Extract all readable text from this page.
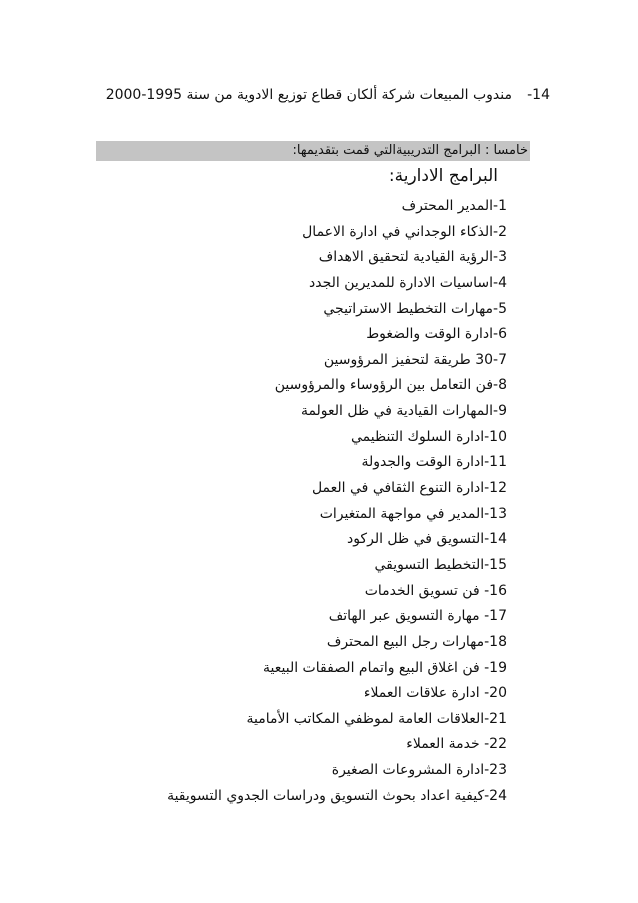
-14
مندوب المبيعات شركة ألكان قطاع توزيع الادوية من سنة 1995-2000
خامسا : البرامج التدريبيةالتي قمت بتقديمها:
البرامج الادارية:
1-المدير المحترف
2-الذكاء الوجداني في ادارة الاعمال
3-الرؤية القيادية لتحقيق الاهداف
4-اساسيات الادارة للمديرين الجدد
5-مهارات التخطيط الاستراتيجي
6-ادارة الوقت والضغوط
30-7 طريقة لتحفيز المرؤوسين
8-فن التعامل بين الرؤوساء والمرؤوسين
9-المهارات القيادية في ظل العولمة
10-ادارة السلوك التنظيمي
11-ادارة الوقت والجدولة
12-ادارة التنوع الثقافي في العمل
13-المدير في مواجهة المتغيرات
14-التسويق في ظل الركود
15-التخطيط التسويقي
16- فن تسويق الخدمات
17- مهارة التسويق عبر الهاتف
18-مهارات رجل البيع المحترف
19- فن اغلاق البيع واتمام الصفقات البيعية
20- ادارة علاقات العملاء
21-العلاقات العامة لموظفي المكاتب الأمامية
22- خدمة العملاء
23-ادارة المشروعات الصغيرة
24-كيفية اعداد بحوث التسويق ودراسات الجدوي التسويقية
